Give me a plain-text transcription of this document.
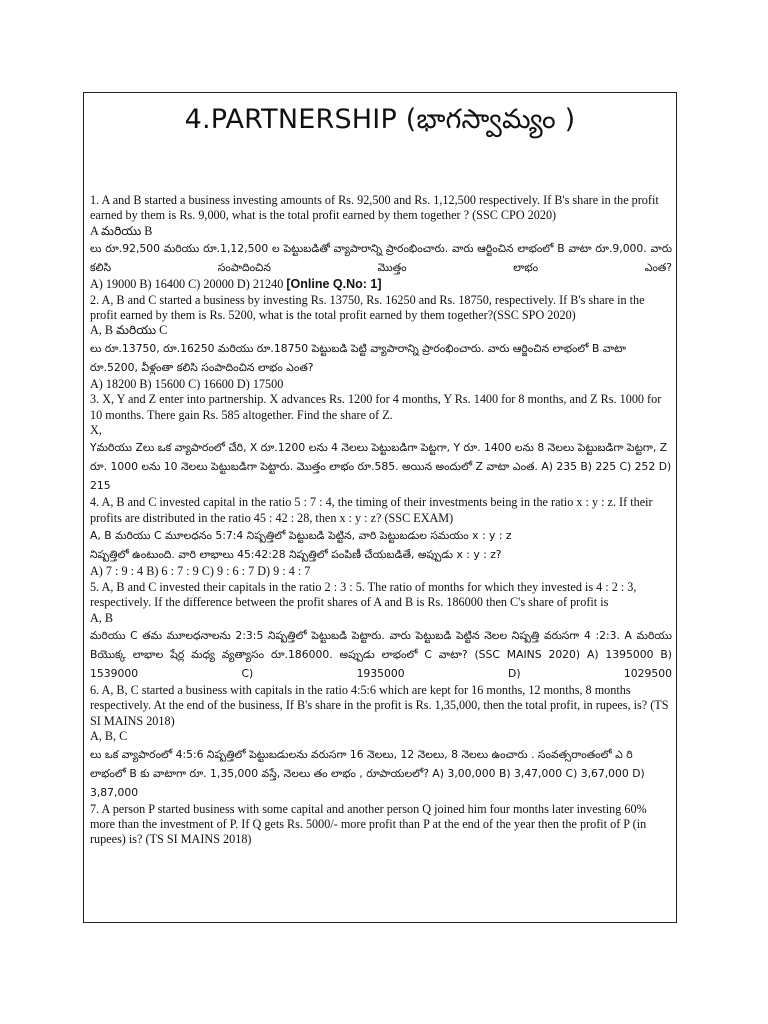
4.PARTNERSHIP (భాగస్వామ్యం )
1. A and B started a business investing amounts of Rs. 92,500 and Rs. 1,12,500 respectively. If B's share in the profit earned by them is Rs. 9,000, what is the total profit earned by them together ? (SSC CPO 2020)
A మరియు B
లు రూ.92,500 మరియు రూ.1,12,500 ల పెట్టుబడితో వ్యాపారాన్ని ప్రారంభించారు. వారు ఆర్జించిన లాభంలో B వాటా రూ.9,000. వారు కలిసి సంపాదించిన మొత్తం లాభం ఎంత?
A) 19000 B) 16400 C) 20000 D) 21240 [Online Q.No: 1]
2. A, B and C started a business by investing Rs. 13750, Rs. 16250 and Rs. 18750, respectively. If B's share in the profit earned by them is Rs. 5200, what is the total profit earned by them together?(SSC SPO 2020)
A, B మరియు C
లు రూ.13750, రూ.16250 మరియు రూ.18750 పెట్టుబడి పెట్టి వ్యాపారాన్ని ప్రారంభించారు. వారు ఆర్జించిన లాభంలో B వాటా రూ.5200, వీళ్లంతా కలిసి సంపాదించిన లాభం ఎంత?
A) 18200 B) 15600 C) 16600 D) 17500
3. X, Y and Z enter into partnership. X advances Rs. 1200 for 4 months, Y Rs. 1400 for 8 months, and Z Rs. 1000 for 10 months. There gain Rs. 585 altogether. Find the share of Z.
X,
Yమరియు Zలు ఒక వ్యాపారంలో చేరి, X రూ.1200 లను 4 నెలలు పెట్టుబడిగా పెట్టగా, Y రూ. 1400 లను 8 నెలలు పెట్టుబడిగా పెట్టగా, Z రూ. 1000 లను 10 నెలలు పెట్టుబడిగా పెట్టారు. మొత్తం లాభం రూ.585. అయిన అందులో Z వాటా ఎంత. A) 235 B) 225 C) 252 D) 215
4. A, B and C invested capital in the ratio 5 : 7 : 4, the timing of their investments being in the ratio x : y : z. If their profits are distributed in the ratio 45 : 42 : 28, then x : y : z? (SSC EXAM)
A, B మరియు C మూలధనం 5:7:4 నిష్పత్తిలో పెట్టుబడి పెట్టిన, వారి పెట్టుబడుల సమయం x : y : z
నిష్పత్తిలో ఉంటుంది. వారి లాభాలు 45:42:28 నిష్పత్తిలో పంపిణీ చేయబడితే, అప్పుడు x : y : z?
A) 7 : 9 : 4 B) 6 : 7 : 9 C) 9 : 6 : 7 D) 9 : 4 : 7
5. A, B and C invested their capitals in the ratio 2 : 3 : 5. The ratio of months for which they invested is 4 : 2 : 3, respectively. If the difference between the profit shares of A and B is Rs. 186000 then C's share of profit is
A, B
మరియు C తమ మూలధనాలను 2:3:5 నిష్పత్తిలో పెట్టుబడి పెట్టారు. వారు పెట్టుబడి పెట్టిన నెలల నిష్పత్తి వరుసగా 4 :2:3. A మరియు Bయొక్క లాభాల షేర్ల మధ్య వ్యత్యాసం రూ.186000. అప్పుడు లాభంలో C వాటా? (SSC MAINS 2020) A) 1395000 B) 1539000 C) 1935000 D) 1029500
6. A, B, C started a business with capitals in the ratio 4:5:6 which are kept for 16 months, 12 months, 8 months respectively. At the end of the business, If B's share in the profit is Rs. 1,35,000, then the total profit, in rupees, is? (TS SI MAINS 2018)
A, B, C
లు ఒక వ్యాపారంలో 4:5:6 నిష్పత్తిలో పెట్టుబడులను వరుసగా 16 నెలలు, 12 నెలలు, 8 నెలలు ఉంచారు . సంవత్సరాంతంలో ఎ రి లాభంలో B కు వాటాగా రూ. 1,35,000 వస్తే, నెలలు తం లాభం , రూపాయలలో? A) 3,00,000 B) 3,47,000 C) 3,67,000 D) 3,87,000
7. A person P started business with some capital and another person Q joined him four months later investing 60%
more than the investment of P. If Q gets Rs. 5000/- more profit than P at the end of the year then the profit of P (in rupees) is? (TS SI MAINS 2018)
